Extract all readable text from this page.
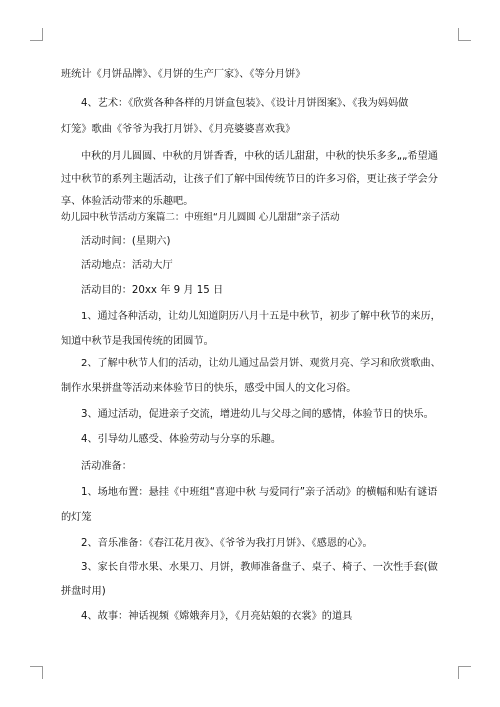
班统计《月饼品牌》、《月饼的生产厂家》、《等分月饼》
4、艺术：《欣赏各种各样的月饼盒包装》、《设计月饼图案》、《我为妈妈做
灯笼》歌曲《爷爷为我打月饼》、《月亮婆婆喜欢我》
中秋的月儿圆圆、中秋的月饼香香，中秋的话儿甜甜，中秋的快乐多多„„希望通
过中秋节的系列主题活动，让孩子们了解中国传统节日的许多习俗，更让孩子学会分
享、体验活动带来的乐趣吧。
幼儿园中秋节活动方案篇二：中班组“月儿圆圆 心儿甜甜”亲子活动
活动时间：(星期六)
活动地点：活动大厅
活动目的：20xx 年 9 月 15 日
1、通过各种活动，让幼儿知道阴历八月十五是中秋节，初步了解中秋节的来历，
知道中秋节是我国传统的团圆节。
2、了解中秋节人们的活动，让幼儿通过品尝月饼、观赏月亮、学习和欣赏歌曲、
制作水果拼盘等活动来体验节日的快乐，感受中国人的文化习俗。
3、通过活动，促进亲子交流，增进幼儿与父母之间的感情，体验节日的快乐。
4、引导幼儿感受、体验劳动与分享的乐趣。
活动准备：
1、场地布置：悬挂《中班组“喜迎中秋 与爱同行”亲子活动》的横幅和贴有谜语
的灯笼
2、音乐准备：《春江花月夜》、《爷爷为我打月饼》、《感恩的心》。
3、家长自带水果、水果刀、月饼，教师准备盘子、桌子、椅子、一次性手套(做
拼盘时用)
4、故事：神话视频《嫦娥奔月》，《月亮姑娘的衣裳》的道具
